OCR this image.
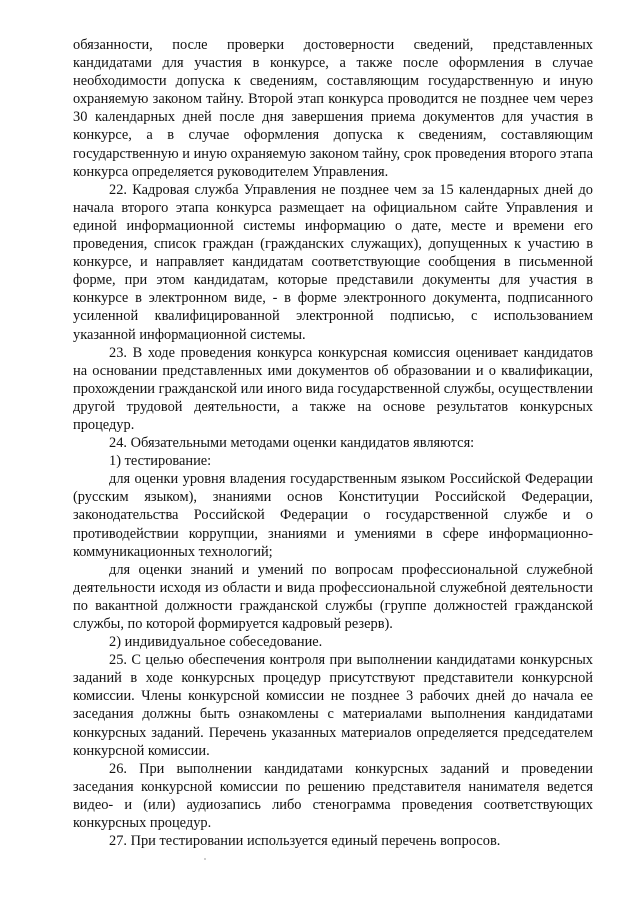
обязанности, после проверки достоверности сведений, представленных кандидатами для участия в конкурсе, а также после оформления в случае необходимости допуска к сведениям, составляющим государственную и иную охраняемую законом тайну. Второй этап конкурса проводится не позднее чем через 30 календарных дней после дня завершения приема документов для участия в конкурсе, а в случае оформления допуска к сведениям, составляющим государственную и иную охраняемую законом тайну, срок проведения второго этапа конкурса определяется руководителем Управления.

22. Кадровая служба Управления не позднее чем за 15 календарных дней до начала второго этапа конкурса размещает на официальном сайте Управления и единой информационной системы информацию о дате, месте и времени его проведения, список граждан (гражданских служащих), допущенных к участию в конкурсе, и направляет кандидатам соответствующие сообщения в письменной форме, при этом кандидатам, которые представили документы для участия в конкурсе в электронном виде, - в форме электронного документа, подписанного усиленной квалифицированной электронной подписью, с использованием указанной информационной системы.

23. В ходе проведения конкурса конкурсная комиссия оценивает кандидатов на основании представленных ими документов об образовании и о квалификации, прохождении гражданской или иного вида государственной службы, осуществлении другой трудовой деятельности, а также на основе результатов конкурсных процедур.

24. Обязательными методами оценки кандидатов являются:

1) тестирование:

для оценки уровня владения государственным языком Российской Федерации (русским языком), знаниями основ Конституции Российской Федерации, законодательства Российской Федерации о государственной службе и о противодействии коррупции, знаниями и умениями в сфере информационно-коммуникационных технологий;

для оценки знаний и умений по вопросам профессиональной служебной деятельности исходя из области и вида профессиональной служебной деятельности по вакантной должности гражданской службы (группе должностей гражданской службы, по которой формируется кадровый резерв).

2) индивидуальное собеседование.

25. С целью обеспечения контроля при выполнении кандидатами конкурсных заданий в ходе конкурсных процедур присутствуют представители конкурсной комиссии. Члены конкурсной комиссии не позднее 3 рабочих дней до начала ее заседания должны быть ознакомлены с материалами выполнения кандидатами конкурсных заданий. Перечень указанных материалов определяется председателем конкурсной комиссии.

26. При выполнении кандидатами конкурсных заданий и проведении заседания конкурсной комиссии по решению представителя нанимателя ведется видео- и (или) аудиозапись либо стенограмма проведения соответствующих конкурсных процедур.

27. При тестировании используется единый перечень вопросов.
